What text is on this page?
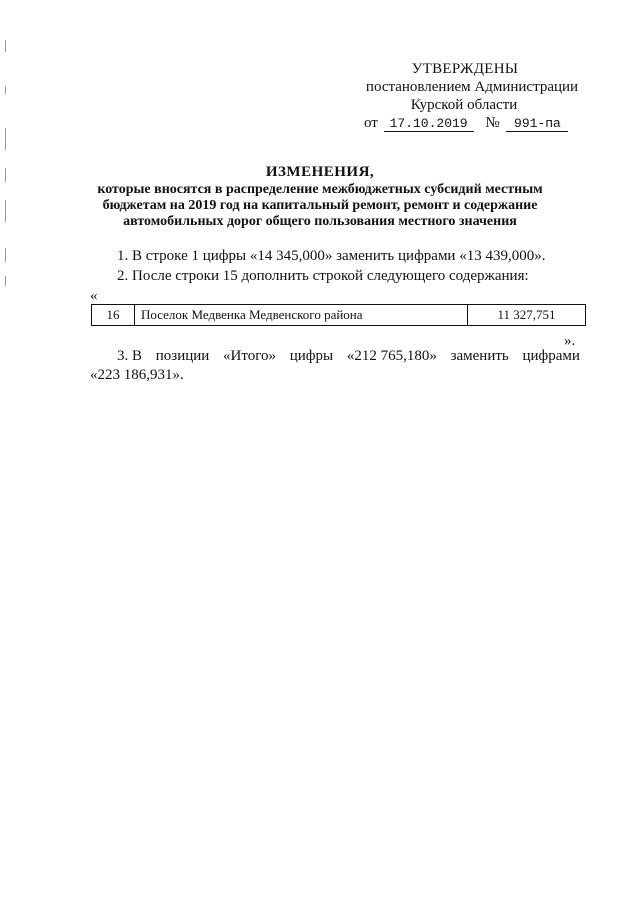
УТВЕРЖДЕНЫ
постановлением Администрации
Курской области
от 17.10.2019 № 991-па
ИЗМЕНЕНИЯ,
которые вносятся в распределение межбюджетных субсидий местным
бюджетам на 2019 год на капитальный ремонт, ремонт и содержание
автомобильных дорог общего пользования местного значения
1. В строке 1 цифры «14 345,000» заменить цифрами «13 439,000».
2. После строки 15 дополнить строкой следующего содержания:
«
16	Поселок Медвенка Медвенского района	11 327,751
».
3. В позиции «Итого» цифры «212 765,180» заменить цифрами
«223 186,931».
